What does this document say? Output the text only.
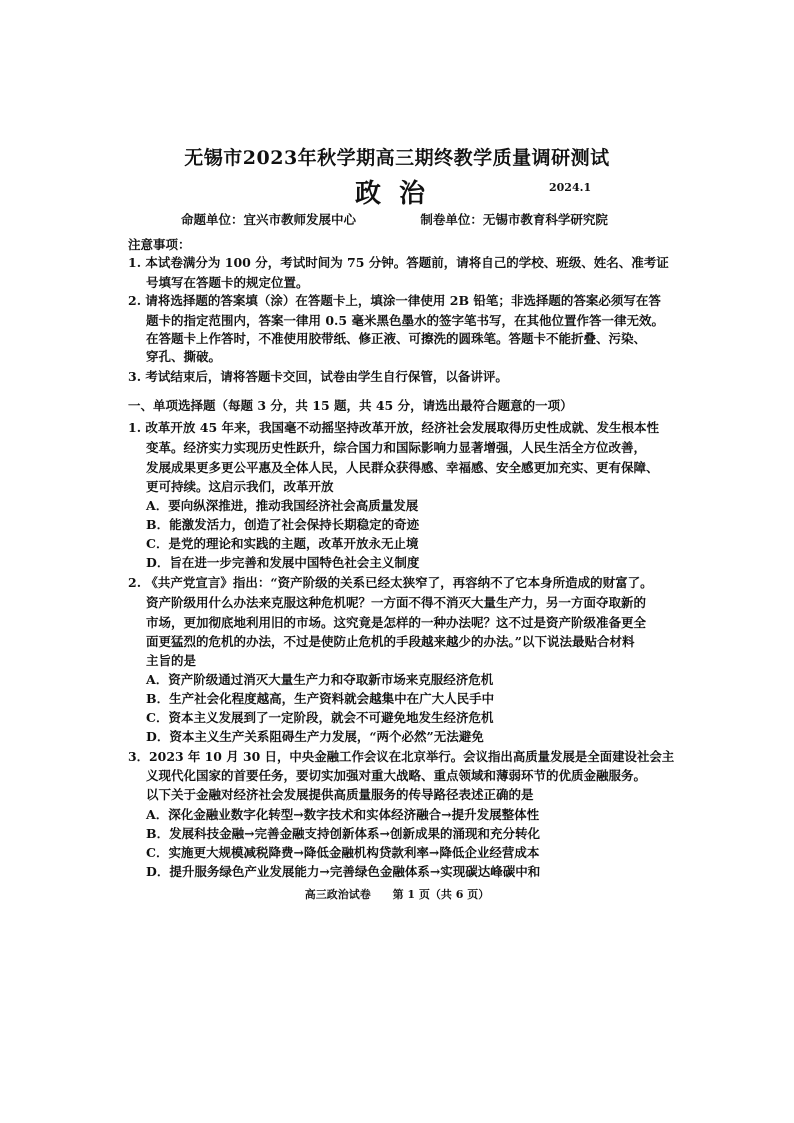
无锡市2023年秋学期高三期终教学质量调研测试
政治	2024.1
命题单位：宜兴市教师发展中心	制卷单位：无锡市教育科学研究院
注意事项：
1. 本试卷满分为 100 分，考试时间为 75 分钟。答题前，请将自己的学校、班级、姓名、准考证
号填写在答题卡的规定位置。
2. 请将选择题的答案填（涂）在答题卡上，填涂一律使用 2B 铅笔；非选择题的答案必须写在答
题卡的指定范围内，答案一律用 0.5 毫米黑色墨水的签字笔书写，在其他位置作答一律无效。
在答题卡上作答时，不准使用胶带纸、修正液、可擦洗的圆珠笔。答题卡不能折叠、污染、
穿孔、撕破。
3. 考试结束后，请将答题卡交回，试卷由学生自行保管，以备讲评。
一、单项选择题（每题 3 分，共 15 题，共 45 分，请选出最符合题意的一项）
1. 改革开放 45 年来，我国毫不动摇坚持改革开放，经济社会发展取得历史性成就、发生根本性
变革。经济实力实现历史性跃升，综合国力和国际影响力显著增强，人民生活全方位改善，
发展成果更多更公平惠及全体人民，人民群众获得感、幸福感、安全感更加充实、更有保障、
更可持续。这启示我们，改革开放
A．要向纵深推进，推动我国经济社会高质量发展
B．能激发活力，创造了社会保持长期稳定的奇迹
C．是党的理论和实践的主题，改革开放永无止境
D．旨在进一步完善和发展中国特色社会主义制度
2. 《共产党宣言》指出：“资产阶级的关系已经太狭窄了，再容纳不了它本身所造成的财富了。
资产阶级用什么办法来克服这种危机呢？一方面不得不消灭大量生产力，另一方面夺取新的
市场，更加彻底地利用旧的市场。这究竟是怎样的一种办法呢？这不过是资产阶级准备更全
面更猛烈的危机的办法，不过是使防止危机的手段越来越少的办法。”以下说法最贴合材料
主旨的是
A．资产阶级通过消灭大量生产力和夺取新市场来克服经济危机
B．生产社会化程度越高，生产资料就会越集中在广大人民手中
C．资本主义发展到了一定阶段，就会不可避免地发生经济危机
D．资本主义生产关系阻碍生产力发展，“两个必然”无法避免
3．2023 年 10 月 30 日，中央金融工作会议在北京举行。会议指出高质量发展是全面建设社会主
义现代化国家的首要任务，要切实加强对重大战略、重点领域和薄弱环节的优质金融服务。
以下关于金融对经济社会发展提供高质量服务的传导路径表述正确的是
A．深化金融业数字化转型→数字技术和实体经济融合→提升发展整体性
B．发展科技金融→完善金融支持创新体系→创新成果的涌现和充分转化
C．实施更大规模减税降费→降低金融机构贷款利率→降低企业经营成本
D．提升服务绿色产业发展能力→完善绿色金融体系→实现碳达峰碳中和
高三政治试卷 第 1 页（共 6 页）
